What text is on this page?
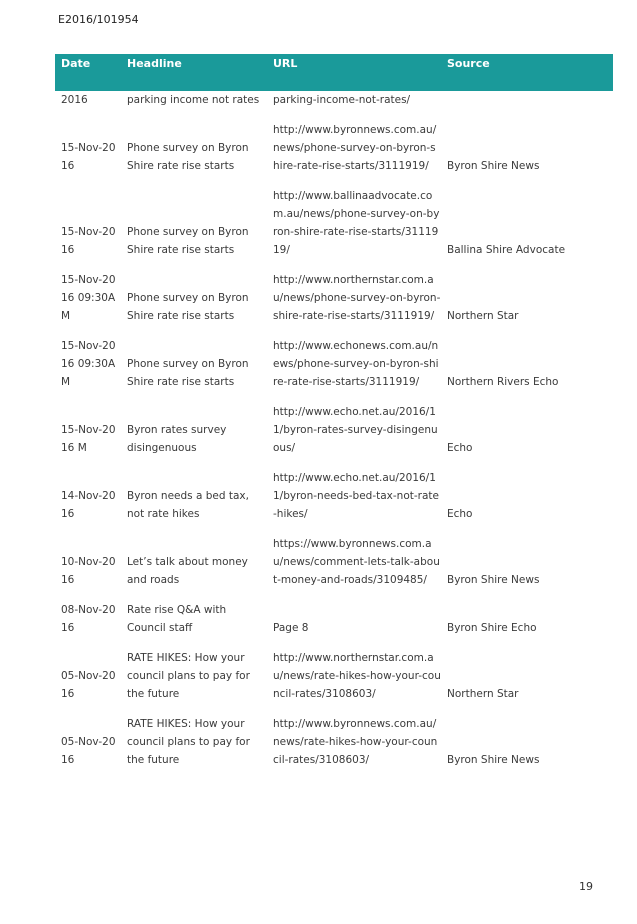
E2016/101954
Date	Headline	URL	Source
2016	parking income not rates	parking-income-not-rates/	
15-Nov-2016	Phone survey on Byron Shire rate rise starts	http://www.byronnews.com.au/news/phone-survey-on-byron-shire-rate-rise-starts/3111919/	Byron Shire News
15-Nov-2016	Phone survey on Byron Shire rate rise starts	http://www.ballinaadvocate.com.au/news/phone-survey-on-byron-shire-rate-rise-starts/3111919/	Ballina Shire Advocate
15-Nov-2016 09:30AM	Phone survey on Byron Shire rate rise starts	http://www.northernstar.com.au/news/phone-survey-on-byron-shire-rate-rise-starts/3111919/	Northern Star
15-Nov-2016 09:30AM	Phone survey on Byron Shire rate rise starts	http://www.echonews.com.au/news/phone-survey-on-byron-shire-rate-rise-starts/3111919/	Northern Rivers Echo
15-Nov-2016 M	Byron rates survey disingenuous	http://www.echo.net.au/2016/11/byron-rates-survey-disingenuous/	Echo
14-Nov-2016	Byron needs a bed tax, not rate hikes	http://www.echo.net.au/2016/11/byron-needs-bed-tax-not-rate-hikes/	Echo
10-Nov-2016	Let’s talk about money and roads	https://www.byronnews.com.au/news/comment-lets-talk-about-money-and-roads/3109485/	Byron Shire News
08-Nov-2016	Rate rise Q&A with Council staff	Page 8	Byron Shire Echo
05-Nov-2016	RATE HIKES: How your council plans to pay for the future	http://www.northernstar.com.au/news/rate-hikes-how-your-council-rates/3108603/	Northern Star
05-Nov-2016	RATE HIKES: How your council plans to pay for the future	http://www.byronnews.com.au/news/rate-hikes-how-your-council-rates/3108603/	Byron Shire News
19
